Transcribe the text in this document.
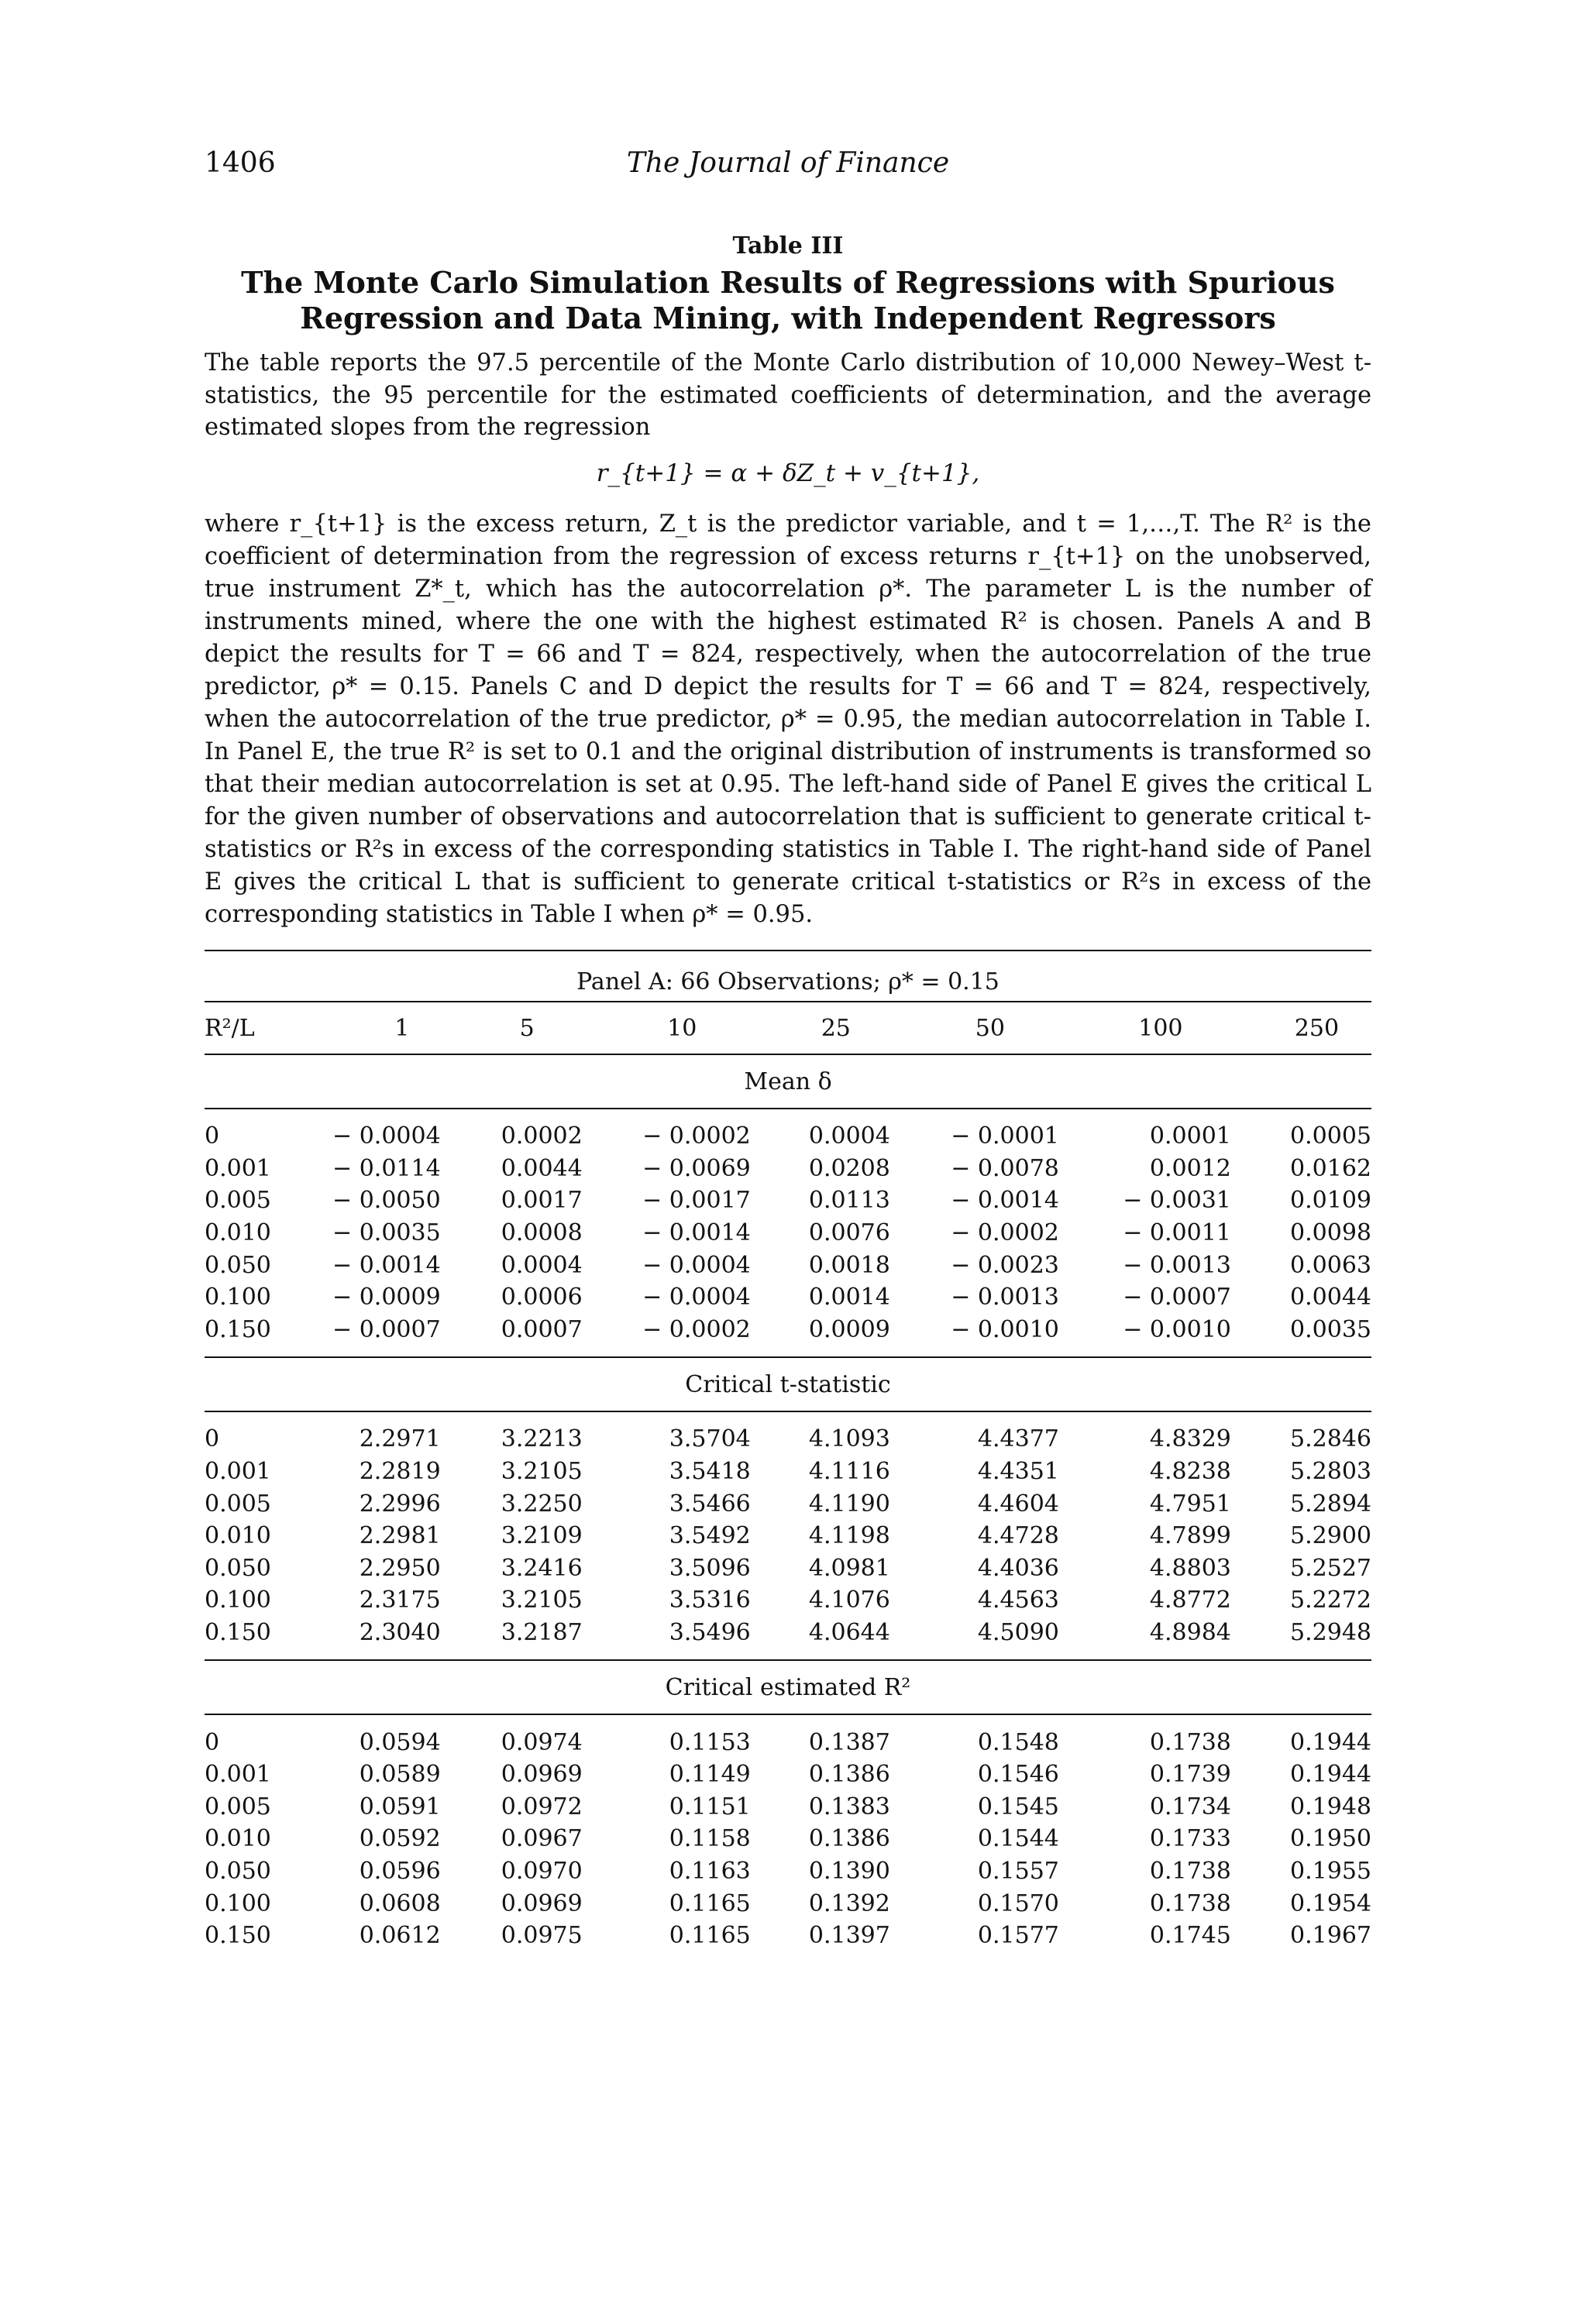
1406	The Journal of Finance
Table III
The Monte Carlo Simulation Results of Regressions with Spurious
Regression and Data Mining, with Independent Regressors
The table reports the 97.5 percentile of the Monte Carlo distribution of 10,000 Newey–West t-statistics, the 95 percentile for the estimated coefficients of determination, and the average estimated slopes from the regression
r_{t+1} = α + δZ_t + v_{t+1},
where r_{t+1} is the excess return, Z_t is the predictor variable, and t = 1,…,T. The R² is the coefficient of determination from the regression of excess returns r_{t+1} on the unobserved, true instrument Z*_t, which has the autocorrelation ρ*. The parameter L is the number of instruments mined, where the one with the highest estimated R² is chosen. Panels A and B depict the results for T = 66 and T = 824, respectively, when the autocorrelation of the true predictor, ρ* = 0.15. Panels C and D depict the results for T = 66 and T = 824, respectively, when the autocorrelation of the true predictor, ρ* = 0.95, the median autocorrelation in Table I. In Panel E, the true R² is set to 0.1 and the original distribution of instruments is transformed so that their median autocorrelation is set at 0.95. The left-hand side of Panel E gives the critical L for the given number of observations and autocorrelation that is sufficient to generate critical t-statistics or R²s in excess of the corresponding statistics in Table I. The right-hand side of Panel E gives the critical L that is sufficient to generate critical t-statistics or R²s in excess of the corresponding statistics in Table I when ρ* = 0.95.

Panel A: 66 Observations; ρ* = 0.15							
R²/L	1	5	10	25	50	100	250
Mean δ							

0	− 0.0004	0.0002	− 0.0002	0.0004	− 0.0001	0.0001	0.0005
0.001	− 0.0114	0.0044	− 0.0069	0.0208	− 0.0078	0.0012	0.0162
0.005	− 0.0050	0.0017	− 0.0017	0.0113	− 0.0014	− 0.0031	0.0109
0.010	− 0.0035	0.0008	− 0.0014	0.0076	− 0.0002	− 0.0011	0.0098
0.050	− 0.0014	0.0004	− 0.0004	0.0018	− 0.0023	− 0.0013	0.0063
0.100	− 0.0009	0.0006	− 0.0004	0.0014	− 0.0013	− 0.0007	0.0044
0.150	− 0.0007	0.0007	− 0.0002	0.0009	− 0.0010	− 0.0010	0.0035

Critical t-statistic							

0	2.2971	3.2213	3.5704	4.1093	4.4377	4.8329	5.2846
0.001	2.2819	3.2105	3.5418	4.1116	4.4351	4.8238	5.2803
0.005	2.2996	3.2250	3.5466	4.1190	4.4604	4.7951	5.2894
0.010	2.2981	3.2109	3.5492	4.1198	4.4728	4.7899	5.2900
0.050	2.2950	3.2416	3.5096	4.0981	4.4036	4.8803	5.2527
0.100	2.3175	3.2105	3.5316	4.1076	4.4563	4.8772	5.2272
0.150	2.3040	3.2187	3.5496	4.0644	4.5090	4.8984	5.2948

Critical estimated R²							

0	0.0594	0.0974	0.1153	0.1387	0.1548	0.1738	0.1944
0.001	0.0589	0.0969	0.1149	0.1386	0.1546	0.1739	0.1944
0.005	0.0591	0.0972	0.1151	0.1383	0.1545	0.1734	0.1948
0.010	0.0592	0.0967	0.1158	0.1386	0.1544	0.1733	0.1950
0.050	0.0596	0.0970	0.1163	0.1390	0.1557	0.1738	0.1955
0.100	0.0608	0.0969	0.1165	0.1392	0.1570	0.1738	0.1954
0.150	0.0612	0.0975	0.1165	0.1397	0.1577	0.1745	0.1967
